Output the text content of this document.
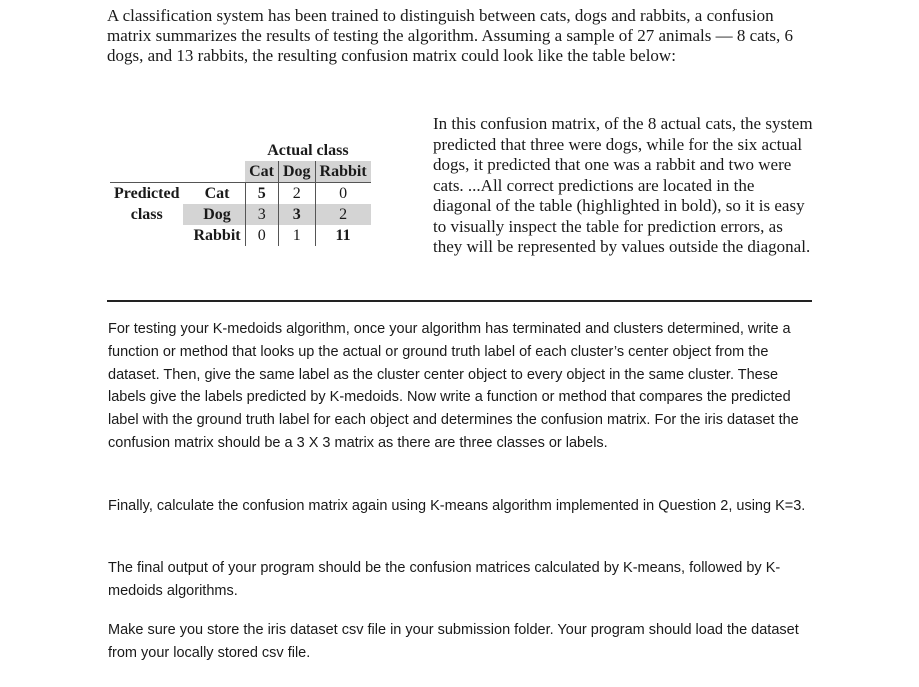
A classification system has been trained to distinguish between cats, dogs and rabbits, a confusion matrix summarizes the results of testing the algorithm. Assuming a sample of 27 animals — 8 cats, 6 dogs, and 13 rabbits, the resulting confusion matrix could look like the table below:

		Actual class		
		Cat	Dog	Rabbit
Predicted	Cat	5	2	0
class	Dog	3	3	2
	Rabbit	0	1	11

In this confusion matrix, of the 8 actual cats, the system predicted that three were dogs, while for the six actual dogs, it predicted that one was a rabbit and two were cats. ...All correct predictions are located in the diagonal of the table (highlighted in bold), so it is easy to visually inspect the table for prediction errors, as they will be represented by values outside the diagonal.

For testing your K-medoids algorithm, once your algorithm has terminated and clusters determined, write a function or method that looks up the actual or ground truth label of each cluster’s center object from the dataset. Then, give the same label as the cluster center object to every object in the same cluster. These labels give the labels predicted by K-medoids. Now write a function or method that compares the predicted label with the ground truth label for each object and determines the confusion matrix. For the iris dataset the confusion matrix should be a 3 X 3 matrix as there are three classes or labels.

Finally, calculate the confusion matrix again using K-means algorithm implemented in Question 2, using K=3.

The final output of your program should be the confusion matrices calculated by K-means, followed by K-medoids algorithms.

Make sure you store the iris dataset csv file in your submission folder. Your program should load the dataset from your locally stored csv file.
